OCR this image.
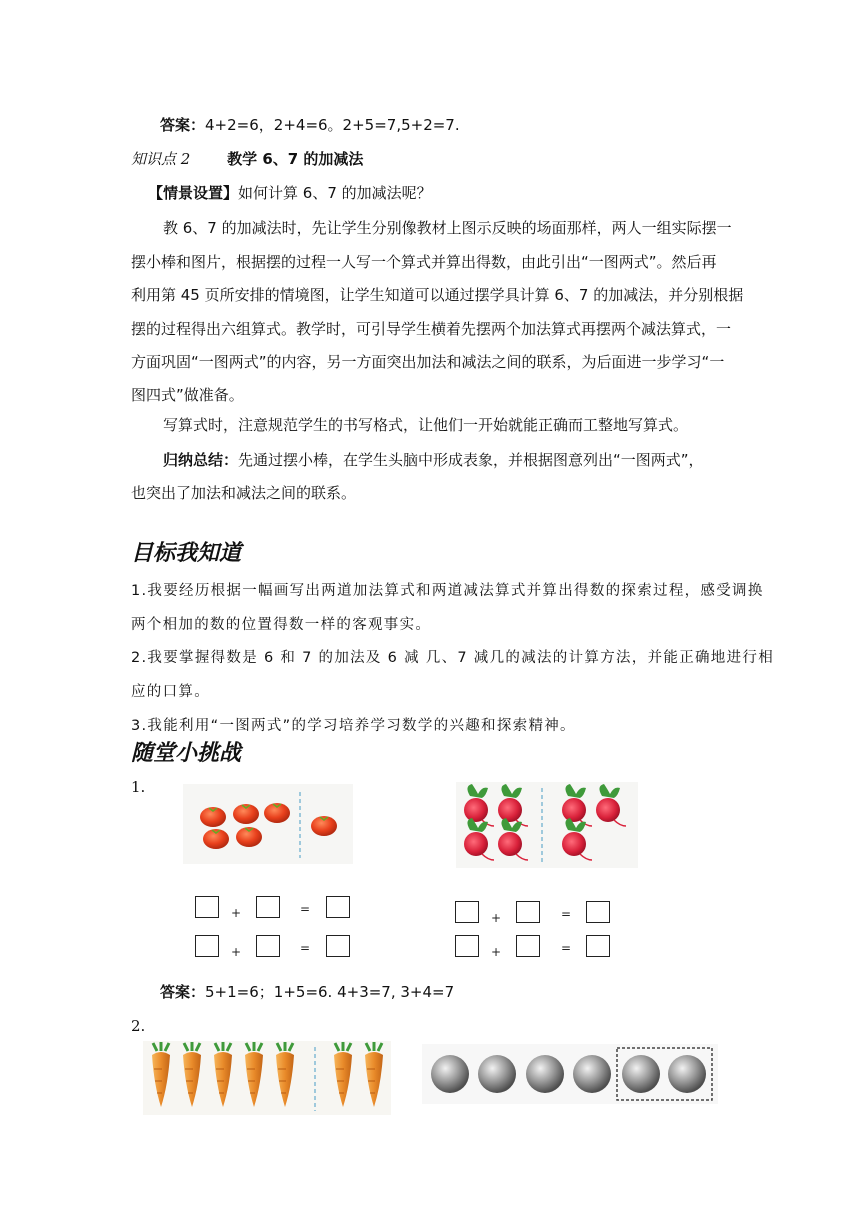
答案：4+2=6，2+4=6。2+5=7,5+2=7.
知识点 2 教学 6、7 的加减法
【情景设置】如何计算 6、7 的加减法呢？
教 6、7 的加减法时，先让学生分别像教材上图示反映的场面那样，两人一组实际摆一
摆小棒和图片，根据摆的过程一人写一个算式并算出得数，由此引出“一图两式”。然后再
利用第 45 页所安排的情境图，让学生知道可以通过摆学具计算 6、7 的加减法，并分别根据
摆的过程得出六组算式。教学时，可引导学生横着先摆两个加法算式再摆两个减法算式，一
方面巩固“一图两式”的内容，另一方面突出加法和减法之间的联系，为后面进一步学习“一
图四式”做准备。
写算式时，注意规范学生的书写格式，让他们一开始就能正确而工整地写算式。
归纳总结：先通过摆小棒，在学生头脑中形成表象，并根据图意列出“一图两式”，
也突出了加法和减法之间的联系。
目标我知道
1.我要经历根据一幅画写出两道加法算式和两道减法算式并算出得数的探索过程，感受调换
两个相加的数的位置得数一样的客观事实。
2.我要掌握得数是 6 和 7 的加法及 6 减 几、7 减几的减法的计算方法，并能正确地进行相
应的口算。
3.我能利用“一图两式”的学习培养学习数学的兴趣和探索精神。
随堂小挑战
1.
+	=
+	=
+	=
+	=
答案：5+1=6；1+5=6. 4+3=7, 3+4=7
2.
